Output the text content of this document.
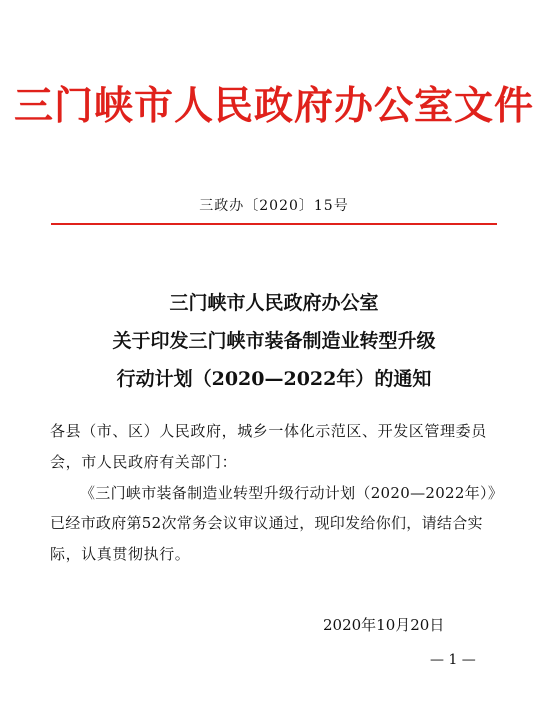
三门峡市人民政府办公室文件
三政办〔2020〕15号
三门峡市人民政府办公室
关于印发三门峡市装备制造业转型升级
行动计划（2020—2022年）的通知
各县（市、区）人民政府，城乡一体化示范区、开发区管理委员
会，市人民政府有关部门：
《三门峡市装备制造业转型升级行动计划（2020—2022年）》
已经市政府第52次常务会议审议通过，现印发给你们，请结合实
际，认真贯彻执行。
2020年10月20日
— 1 —
